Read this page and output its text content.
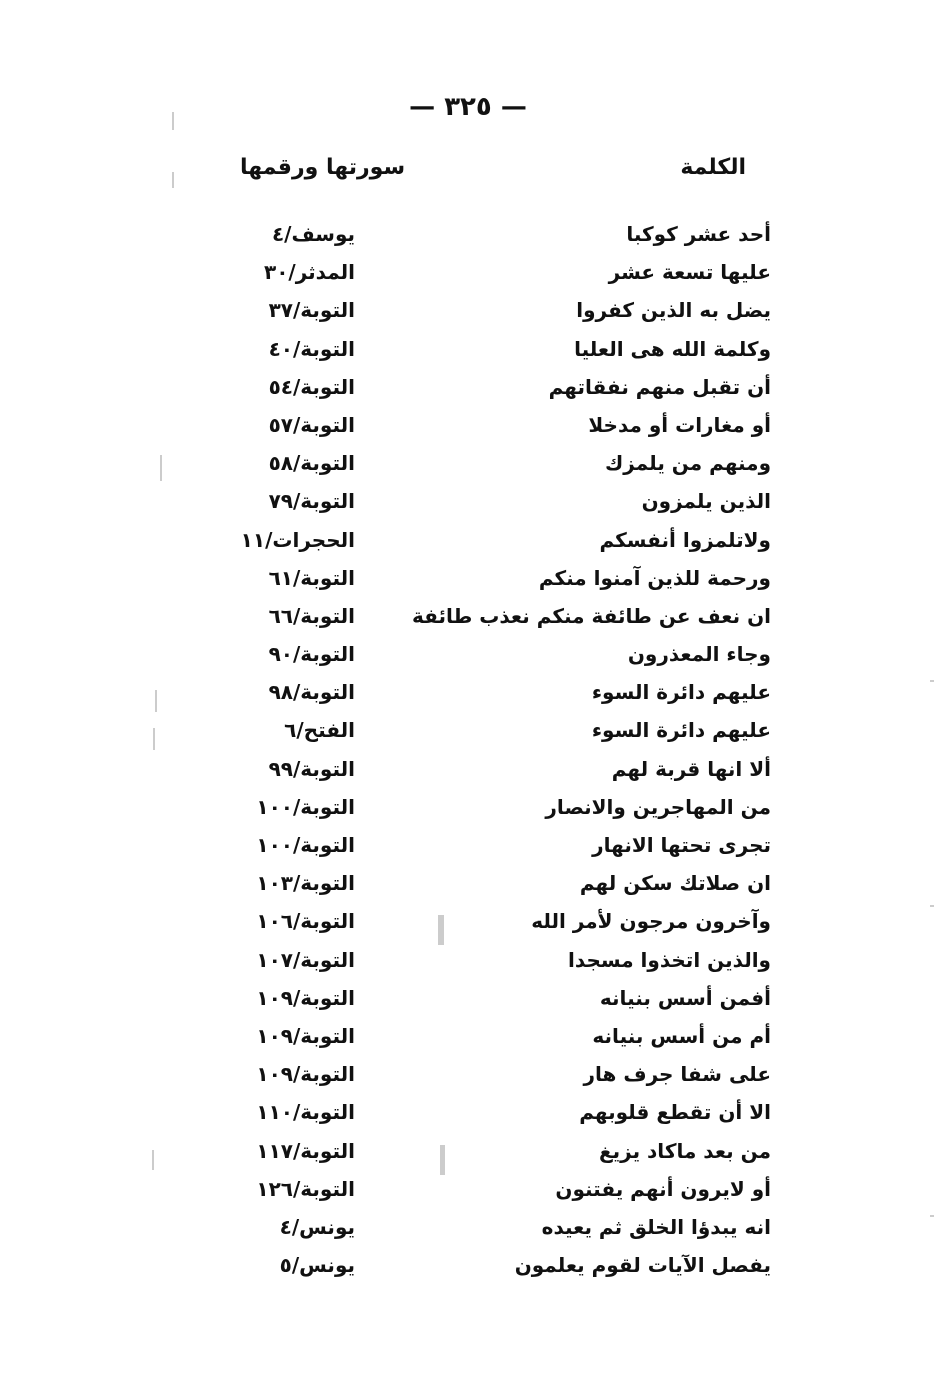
— ٣٢٥ —
الكلمة
سورتها ورقمها
أحد عشر كوكبا
يوسف/٤
عليها تسعة عشر
المدثر/٣٠
يضل به الذين كفروا
التوبة/٣٧
وكلمة الله هى العليا
التوبة/٤٠
أن تقبل منهم نفقاتهم
التوبة/٥٤
أو مغارات أو مدخلا
التوبة/٥٧
ومنهم من يلمزك
التوبة/٥٨
الذين يلمزون
التوبة/٧٩
ولاتلمزوا أنفسكم
الحجرات/١١
ورحمة للذين آمنوا منكم
التوبة/٦١
ان نعف عن طائفة منكم نعذب طائفة
التوبة/٦٦
وجاء المعذرون
التوبة/٩٠
عليهم دائرة السوء
التوبة/٩٨
عليهم دائرة السوء
الفتح/٦
ألا انها قربة لهم
التوبة/٩٩
من المهاجرين والانصار
التوبة/١٠٠
تجرى تحتها الانهار
التوبة/١٠٠
ان صلاتك سكن لهم
التوبة/١٠٣
وآخرون مرجون لأمر الله
التوبة/١٠٦
والذين اتخذوا مسجدا
التوبة/١٠٧
أفمن أسس بنيانه
التوبة/١٠٩
أم من أسس بنيانه
التوبة/١٠٩
على شفا جرف هار
التوبة/١٠٩
الا أن تقطع قلوبهم
التوبة/١١٠
من بعد ماكاد يزيغ
التوبة/١١٧
أو لايرون أنهم يفتنون
التوبة/١٢٦
انه يبدؤا الخلق ثم يعيده
يونس/٤
يفصل الآيات لقوم يعلمون
يونس/٥
